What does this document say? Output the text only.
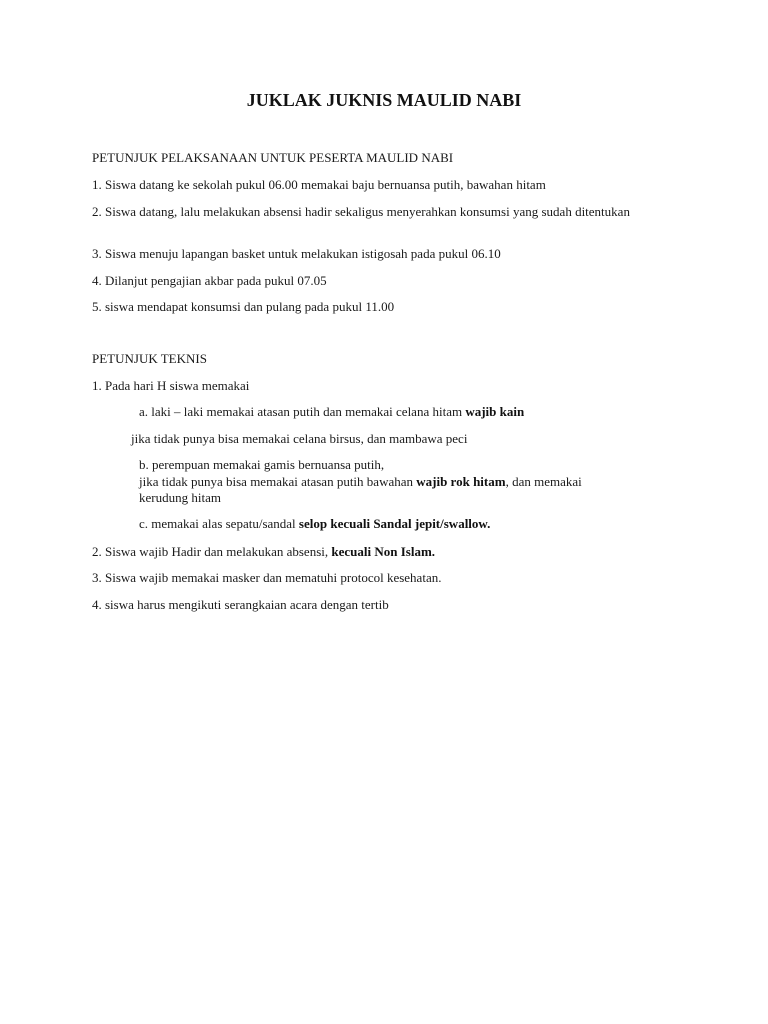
JUKLAK JUKNIS MAULID NABI
PETUNJUK PELAKSANAAN UNTUK PESERTA MAULID NABI
1. Siswa datang ke sekolah pukul 06.00 memakai baju bernuansa putih, bawahan hitam
2. Siswa datang, lalu melakukan absensi hadir sekaligus menyerahkan konsumsi yang sudah ditentukan
3. Siswa menuju lapangan basket untuk melakukan istigosah pada pukul 06.10
4. Dilanjut pengajian akbar pada pukul 07.05
5. siswa mendapat konsumsi dan pulang pada pukul 11.00
PETUNJUK TEKNIS
1. Pada hari H siswa memakai
a. laki – laki memakai atasan putih dan memakai celana hitam wajib kain
jika tidak punya bisa memakai celana birsus, dan mambawa peci
b. perempuan memakai gamis bernuansa putih,
jika tidak punya bisa memakai atasan putih bawahan wajib rok hitam, dan memakai
kerudung hitam
c. memakai alas sepatu/sandal selop kecuali Sandal jepit/swallow.
2. Siswa wajib Hadir dan melakukan absensi, kecuali Non Islam.
3. Siswa wajib memakai masker dan mematuhi protocol kesehatan.
4. siswa harus mengikuti serangkaian acara dengan tertib
